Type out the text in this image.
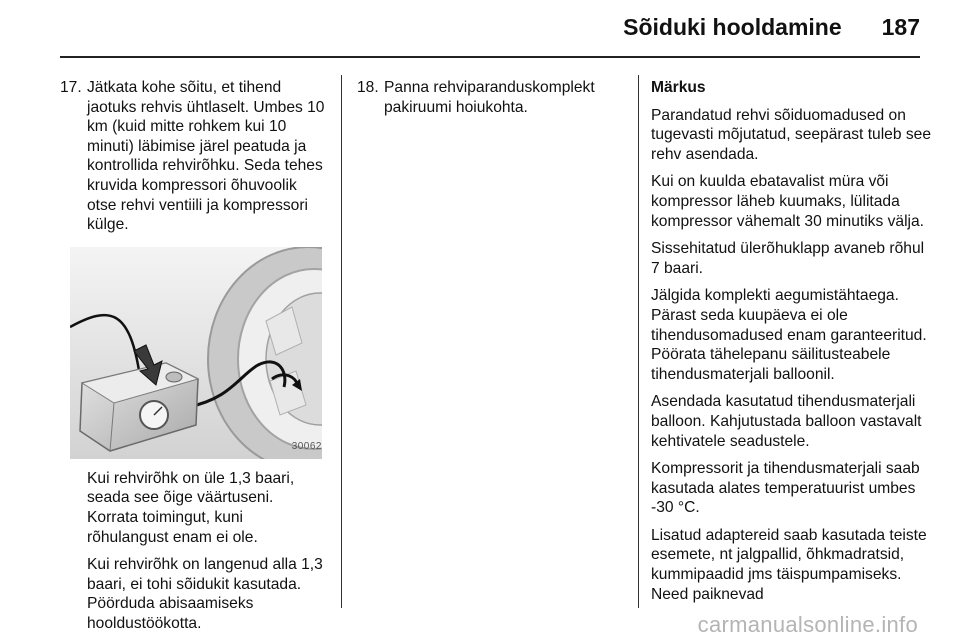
Sõiduki hooldamine 187
17. Jätkata kohe sõitu, et tihend jaotuks rehvis ühtlaselt. Umbes 10 km (kuid mitte rohkem kui 10 minuti) läbimise järel peatuda ja kontrollida rehvirõhku. Seda tehes kruvida kompressori õhuvoolik otse rehvi ventiili ja kompressori külge.
30062

Kui rehvirõhk on üle 1,3 baari, seada see õige väärtuseni. Korrata toimingut, kuni rõhulangust enam ei ole.

Kui rehvirõhk on langenud alla 1,3 baari, ei tohi sõidukit kasutada. Pöörduda abisaamiseks hooldustöökotta.

18. Panna rehviparanduskomplekt pakiruumi hoiukohta.

Märkus

Parandatud rehvi sõiduomadused on tugevasti mõjutatud, seepärast tuleb see rehv asendada.

Kui on kuulda ebatavalist müra või kompressor läheb kuumaks, lülitada kompressor vähemalt 30 minutiks välja.

Sissehitatud ülerõhuklapp avaneb rõhul 7 baari.

Jälgida komplekti aegumistähtaega. Pärast seda kuupäeva ei ole tihendusomadused enam garanteeritud. Pöörata tähelepanu säilitusteabele tihendusmaterjali balloonil.

Asendada kasutatud tihendusmaterjali balloon. Kahjutustada balloon vastavalt kehtivatele seadustele.

Kompressorit ja tihendusmaterjali saab kasutada alates temperatuurist umbes -30 °C.

Lisatud adaptereid saab kasutada teiste esemete, nt jalgpallid, õhkmadratsid, kummipaadid jms täispumpamiseks. Need paiknevad

carmanualsonline.info
